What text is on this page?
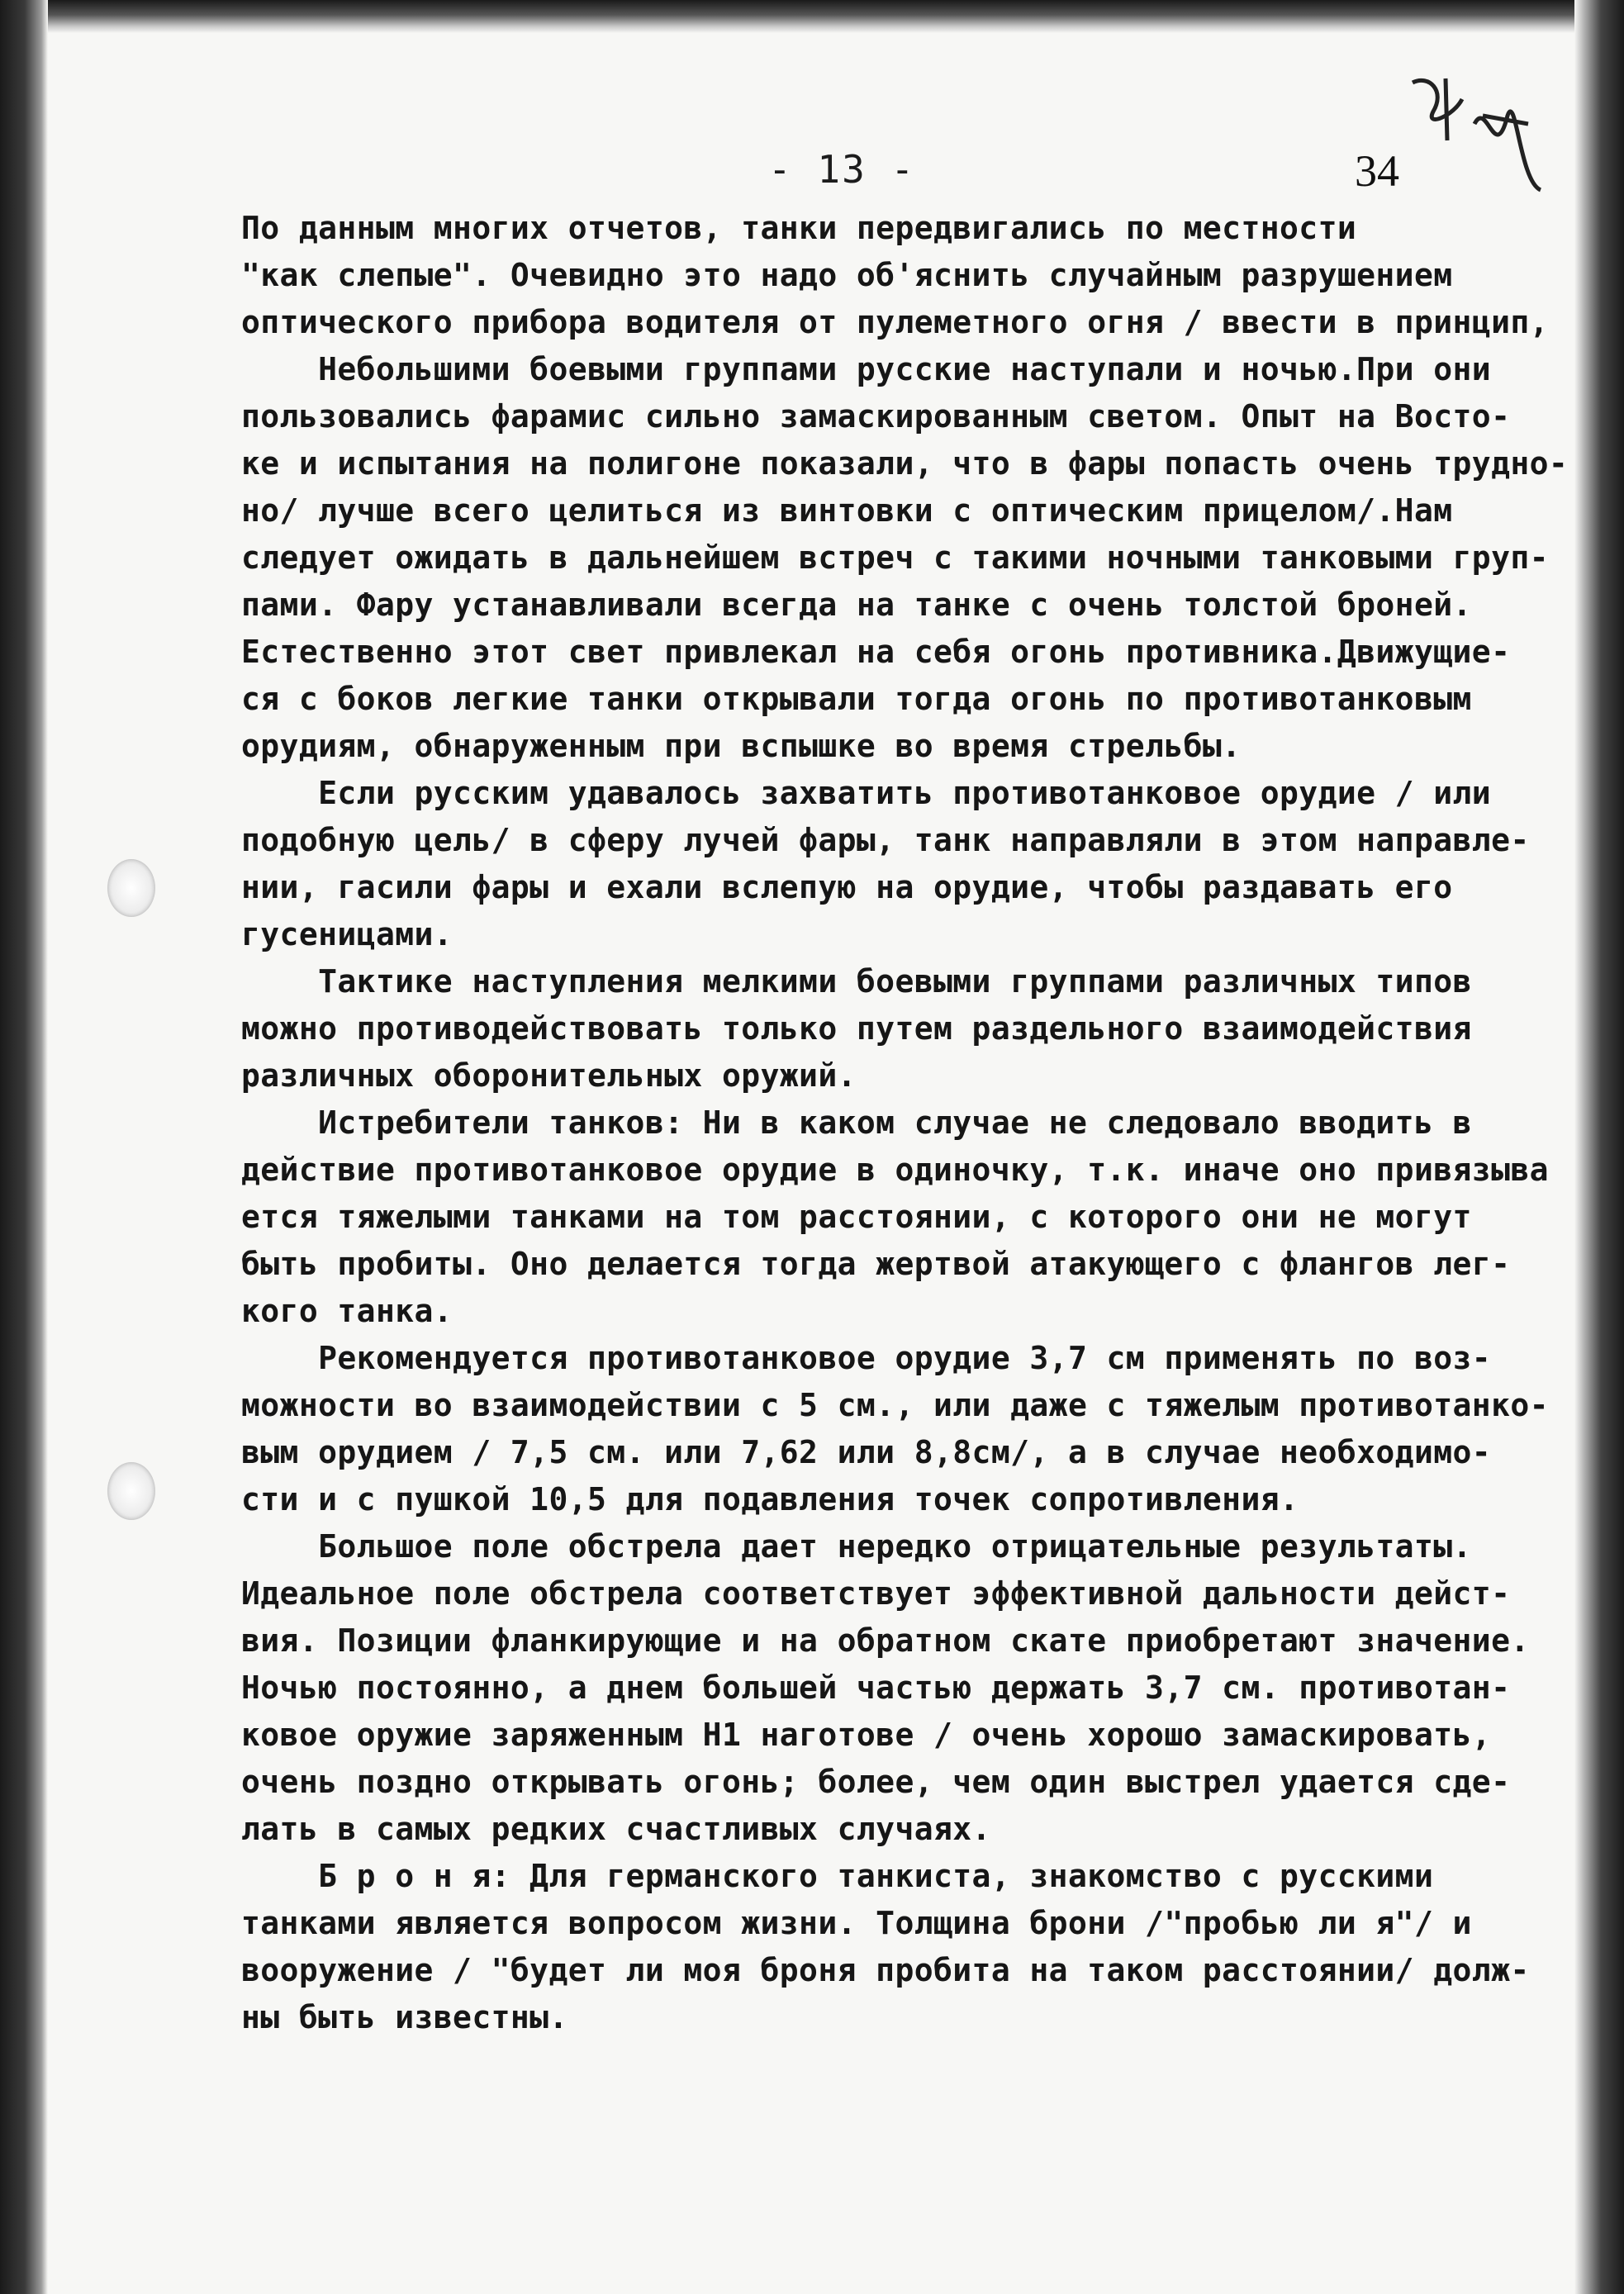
- 13 -	34
По данным многих отчетов, танки передвигались по местности
"как слепые". Очевидно это надо об'яснить случайным разрушением
оптического прибора водителя от пулеметного огня / ввести в принцип,
Небольшими боевыми группами русские наступали и ночью.При они
пользовались фарамис сильно замаскированным светом. Опыт на Восто-
ке и испытания на полигоне показали, что в фары попасть очень трудно-
но/ лучше всего целиться из винтовки с оптическим прицелом/.Нам
следует ожидать в дальнейшем встреч с такими ночными танковыми груп-
пами. Фару устанавливали всегда на танке с очень толстой броней.
Естественно этот свет привлекал на себя огонь противника.Движущие-
ся с боков легкие танки открывали тогда огонь по противотанковым
орудиям, обнаруженным при вспышке во время стрельбы.
Если русским удавалось захватить противотанковое орудие / или
подобную цель/ в сферу лучей фары, танк направляли в этом направле-
нии, гасили фары и ехали вслепую на орудие, чтобы раздавать его
гусеницами.
Тактике наступления мелкими боевыми группами различных типов
можно противодействовать только путем раздельного взаимодействия
различных оборонительных оружий.
Истребители танков: Ни в каком случае не следовало вводить в
действие противотанковое орудие в одиночку, т.к. иначе оно привязыва
ется тяжелыми танками на том расстоянии, с которого они не могут
быть пробиты. Оно делается тогда жертвой атакующего с флангов лег-
кого танка.
Рекомендуется противотанковое орудие 3,7 см применять по воз-
можности во взаимодействии с 5 см., или даже с тяжелым противотанко-
вым орудием / 7,5 см. или 7,62 или 8,8см/, а в случае необходимо-
сти и с пушкой 10,5 для подавления точек сопротивления.
Большое поле обстрела дает нередко отрицательные результаты.
Идеальное поле обстрела соответствует эффективной дальности дейст-
вия. Позиции фланкирующие и на обратном скате приобретают значение.
Ночью постоянно, а днем большей частью держать 3,7 см. противотан-
ковое оружие заряженным Н1 наготове / очень хорошо замаскировать,
очень поздно открывать огонь; более, чем один выстрел удается сде-
лать в самых редких счастливых случаях.
Б р о н я: Для германского танкиста, знакомство с русскими
танками является вопросом жизни. Толщина брони /"пробью ли я"/ и
вооружение / "будет ли моя броня пробита на таком расстоянии/ долж-
ны быть известны.
